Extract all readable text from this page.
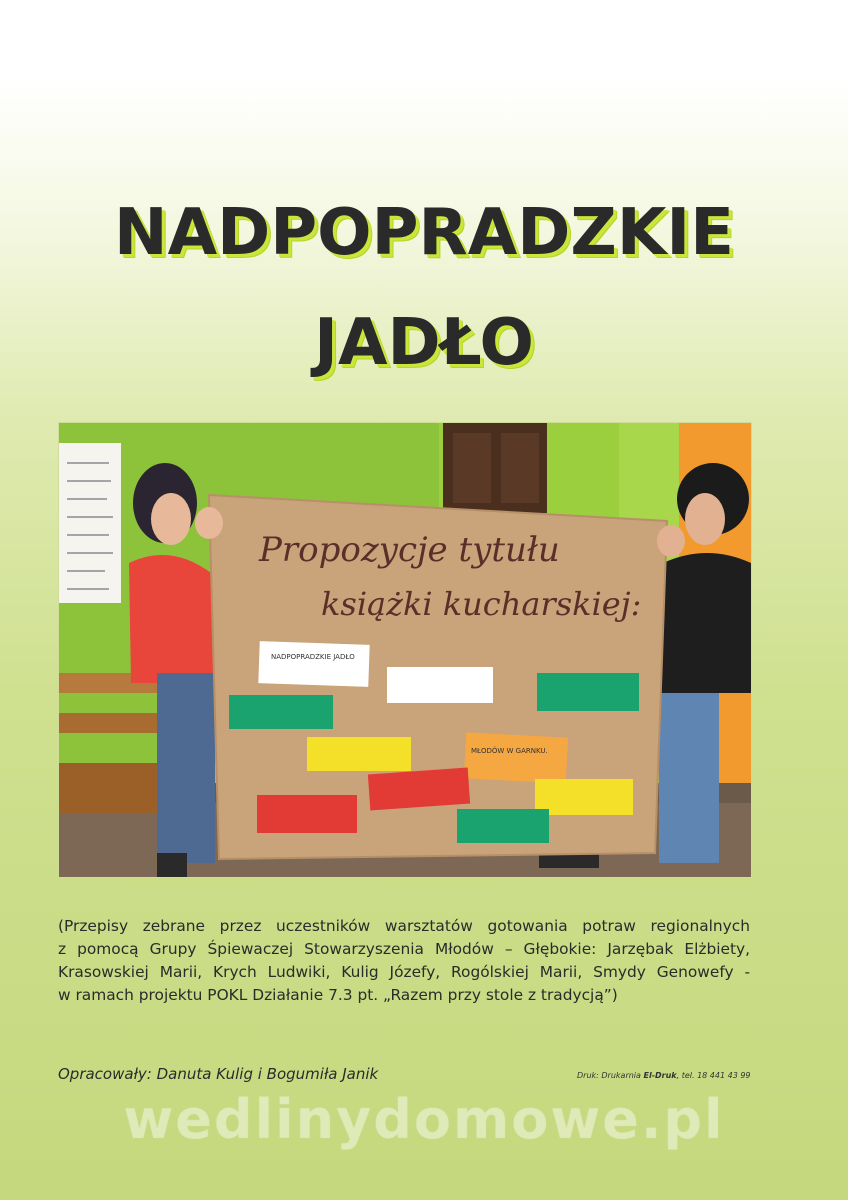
NADPOPRADZKIE
JADŁO
Propozycje tytułu
książki kucharskiej:
NADPOPRADZKIE JADŁO
MŁODÓW W GARNKU.
(Przepisy zebrane przez uczestników warsztatów gotowania potraw regionalnych
z pomocą Grupy Śpiewaczej Stowarzyszenia Młodów – Głębokie: Jarzębak Elżbiety,
Krasowskiej Marii, Krych Ludwiki, Kulig Józefy, Rogólskiej Marii, Smydy Genowefy -
w ramach projektu POKL Działanie 7.3 pt. „Razem przy stole z tradycją”)
Opracowały: Danuta Kulig i Bogumiła Janik	Druk: Drukarnia El-Druk, tel. 18 441 43 99
wedlinydomowe.pl
